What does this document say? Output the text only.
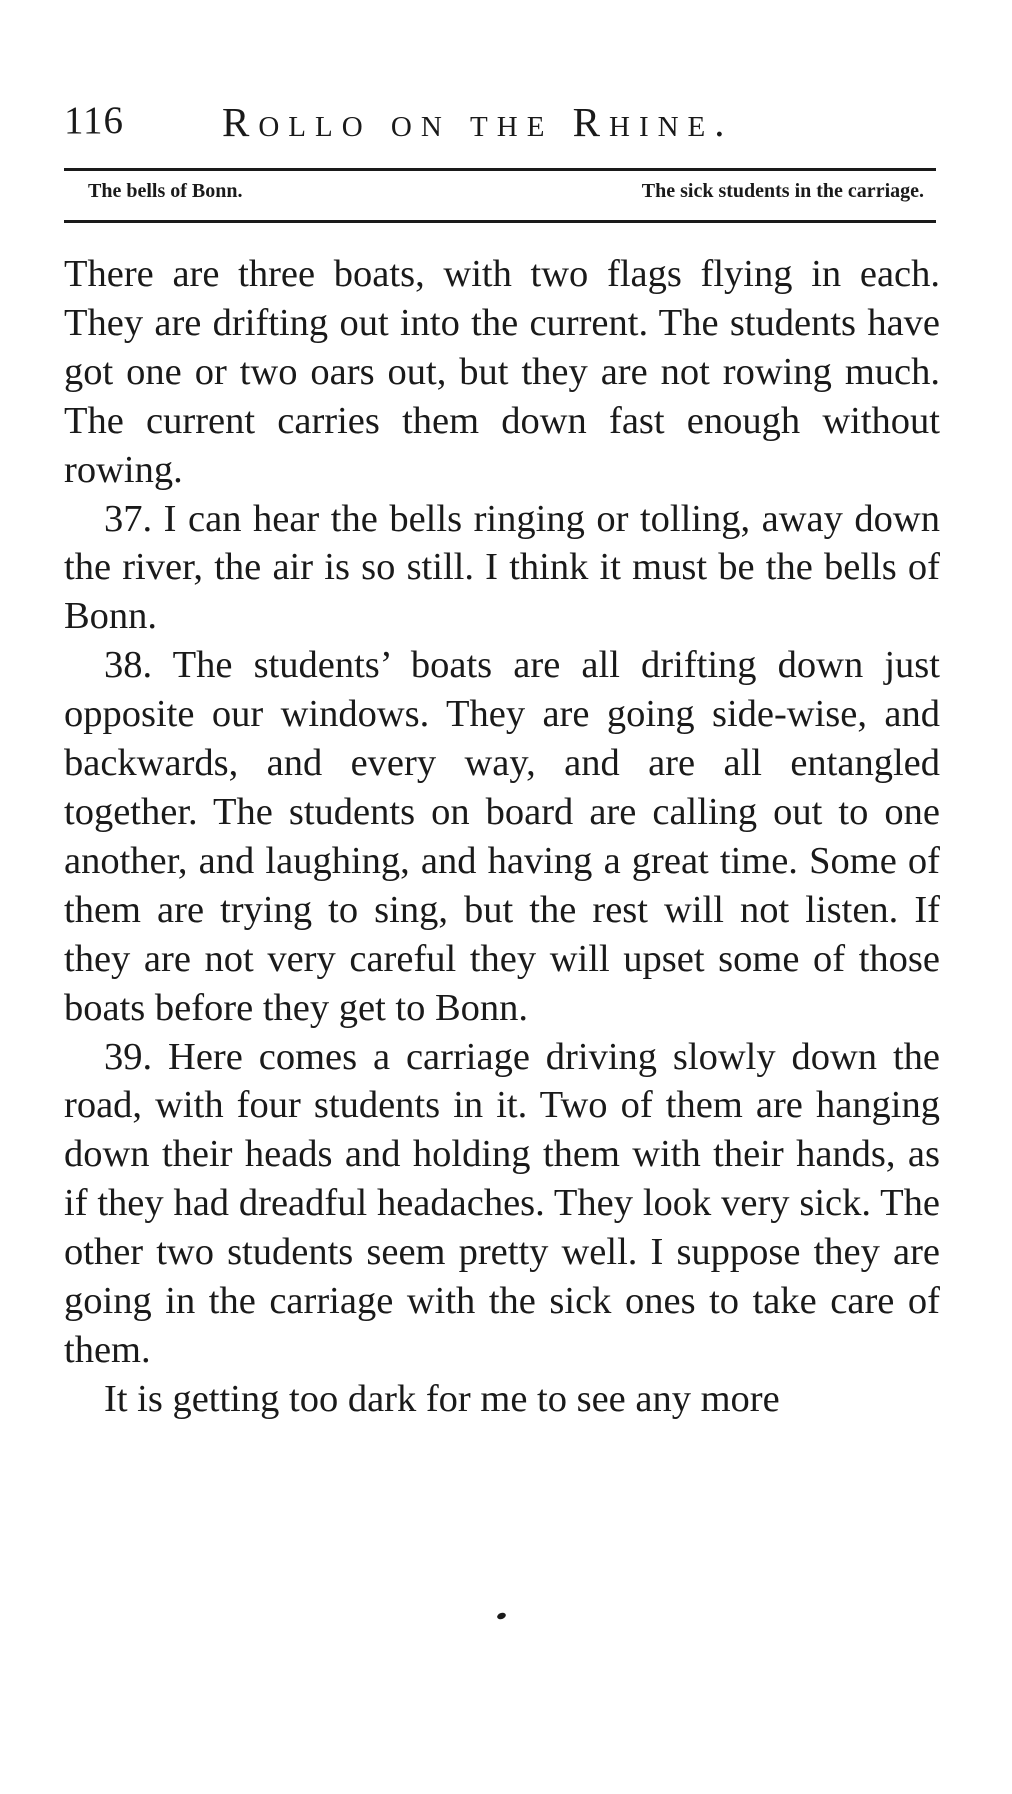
116 Rollo on the Rhine.
The bells of Bonn.	The sick students in the carriage.

There are three boats, with two flags flying in each. They are drifting out into the current. The students have got one or two oars out, but they are not rowing much. The current carries them down fast enough without rowing.

37. I can hear the bells ringing or tolling, away down the river, the air is so still. I think it must be the bells of Bonn.

38. The students’ boats are all drifting down just opposite our windows. They are going side-wise, and backwards, and every way, and are all entangled together. The students on board are calling out to one another, and laughing, and having a great time. Some of them are trying to sing, but the rest will not listen. If they are not very careful they will upset some of those boats before they get to Bonn.

39. Here comes a carriage driving slowly down the road, with four students in it. Two of them are hanging down their heads and holding them with their hands, as if they had dreadful headaches. They look very sick. The other two students seem pretty well. I suppose they are going in the carriage with the sick ones to take care of them.

It is getting too dark for me to see any more
